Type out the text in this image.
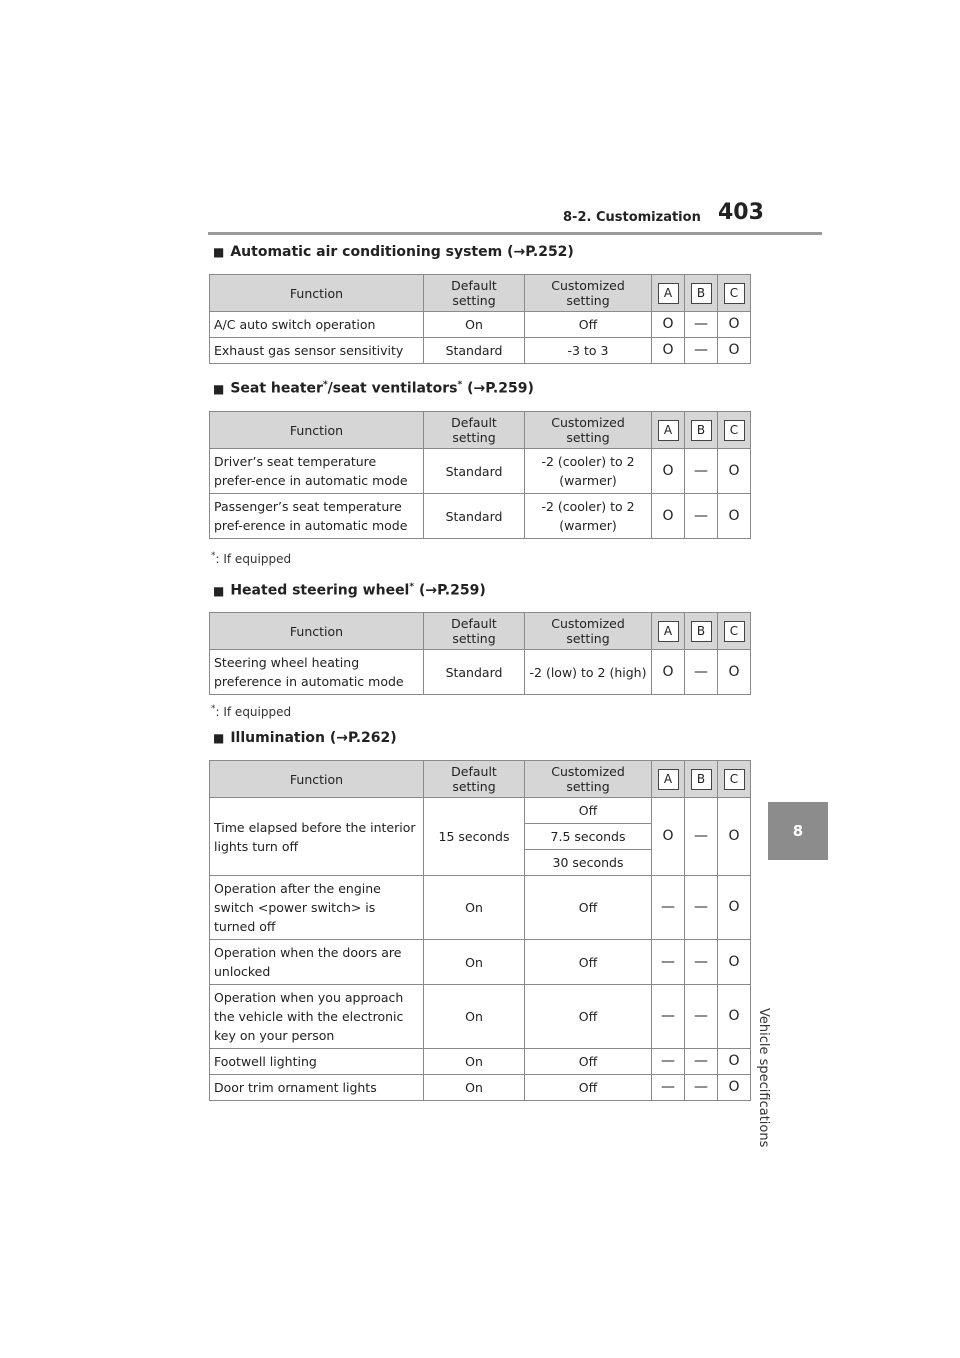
8-2. Customization 403
8
Vehicle specifications
■ Automatic air conditioning system (→P.252)
Function	Default setting	Customized setting	A	B	C
A/C auto switch operation	On	Off	O	—	O
Exhaust gas sensor sensitivity	Standard	-3 to 3	O	—	O
■ Seat heater*/seat ventilators* (→P.259)
Function	Default setting	Customized setting	A	B	C
Driver’s seat temperature prefer-ence in automatic mode	Standard	-2 (cooler) to 2 (warmer)	O	—	O
Passenger’s seat temperature pref-erence in automatic mode	Standard	-2 (cooler) to 2 (warmer)	O	—	O
*: If equipped
■ Heated steering wheel* (→P.259)
Function	Default setting	Customized setting	A	B	C
Steering wheel heating preference in automatic mode	Standard	-2 (low) to 2 (high)	O	—	O
*: If equipped
■ Illumination (→P.262)
Function	Default setting	Customized setting	A	B	C
Time elapsed before the interior lights turn off	15 seconds	Off	O	—	O
		7.5 seconds			
		30 seconds			
Operation after the engine switch <power switch> is turned off	On	Off	—	—	O
Operation when the doors are unlocked	On	Off	—	—	O
Operation when you approach the vehicle with the electronic key on your person	On	Off	—	—	O
Footwell lighting	On	Off	—	—	O
Door trim ornament lights	On	Off	—	—	O
